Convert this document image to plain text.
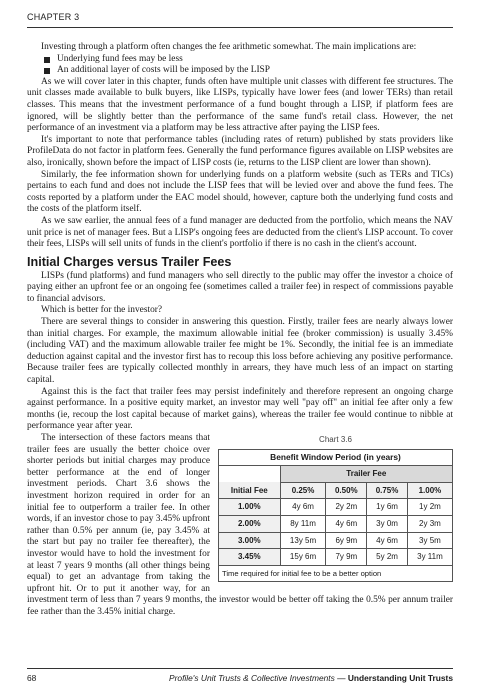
CHAPTER 3

Investing through a platform often changes the fee arithmetic somewhat. The main implications are:

Underlying fund fees may be less
An additional layer of costs will be imposed by the LISP

As we will cover later in this chapter, funds often have multiple unit classes with different fee structures. The unit classes made available to bulk buyers, like LISPs, typically have lower fees (and lower TERs) than retail classes. This means that the investment performance of a fund bought through a LISP, if platform fees are ignored, will be slightly better than the performance of the same fund's retail class. However, the net performance of an investment via a platform may be less attractive after paying the LISP fees.

It's important to note that performance tables (including rates of return) published by stats providers like ProfileData do not factor in platform fees. Generally the fund performance figures available on LISP websites are also, ironically, shown before the impact of LISP costs (ie, returns to the LISP client are lower than shown).

Similarly, the fee information shown for underlying funds on a platform website (such as TERs and TICs) pertains to each fund and does not include the LISP fees that will be levied over and above the fund fees. The costs reported by a platform under the EAC model should, however, capture both the underlying fund costs and the costs of the platform itself.

As we saw earlier, the annual fees of a fund manager are deducted from the portfolio, which means the NAV unit price is net of manager fees. But a LISP's ongoing fees are deducted from the client's LISP account. To cover their fees, LISPs will sell units of funds in the client's portfolio if there is no cash in the client's account.

Initial Charges versus Trailer Fees

LISPs (fund platforms) and fund managers who sell directly to the public may offer the investor a choice of paying either an upfront fee or an ongoing fee (sometimes called a trailer fee) in respect of commissions payable to financial advisors.

Which is better for the investor?

There are several things to consider in answering this question. Firstly, trailer fees are nearly always lower than initial charges. For example, the maximum allowable initial fee (broker commission) is usually 3.45% (including VAT) and the maximum allowable trailer fee might be 1%. Secondly, the initial fee is an immediate deduction against capital and the investor first has to recoup this loss before achieving any positive performance. Because trailer fees are typically collected monthly in arrears, they have much less of an impact on starting capital.

Against this is the fact that trailer fees may persist indefinitely and therefore represent an ongoing charge against performance. In a positive equity market, an investor may well "pay off" an initial fee after only a few months (ie, recoup the lost capital because of market gains), whereas the trailer fee would continue to nibble at performance year after year.

Chart 3.6
Benefit Window Period (in years)				
	Trailer Fee			
Initial Fee	0.25%	0.50%	0.75%	1.00%
1.00%	4y 6m	2y 2m	1y 6m	1y 2m
2.00%	8y 11m	4y 6m	3y 0m	2y 3m
3.00%	13y 5m	6y 9m	4y 6m	3y 5m
3.45%	15y 6m	7y 9m	5y 2m	3y 11m
Time required for initial fee to be a better option				

The intersection of these factors means that trailer fees are usually the better choice over shorter periods but initial charges may produce better performance at the end of longer investment periods. Chart 3.6 shows the investment horizon required in order for an initial fee to outperform a trailer fee. In other words, if an investor chose to pay 3.45% upfront rather than 0.5% per annum (ie, pay 3.45% at the start but pay no trailer fee thereafter), the investor would have to hold the investment for at least 7 years 9 months (all other things being equal) to get an advantage from taking the upfront hit. Or to put it another way, for an investment term of less than 7 years 9 months, the investor would be better off taking the 0.5% per annum trailer fee rather than the 3.45% initial charge.

68	Profile's Unit Trusts & Collective Investments — Understanding Unit Trusts
